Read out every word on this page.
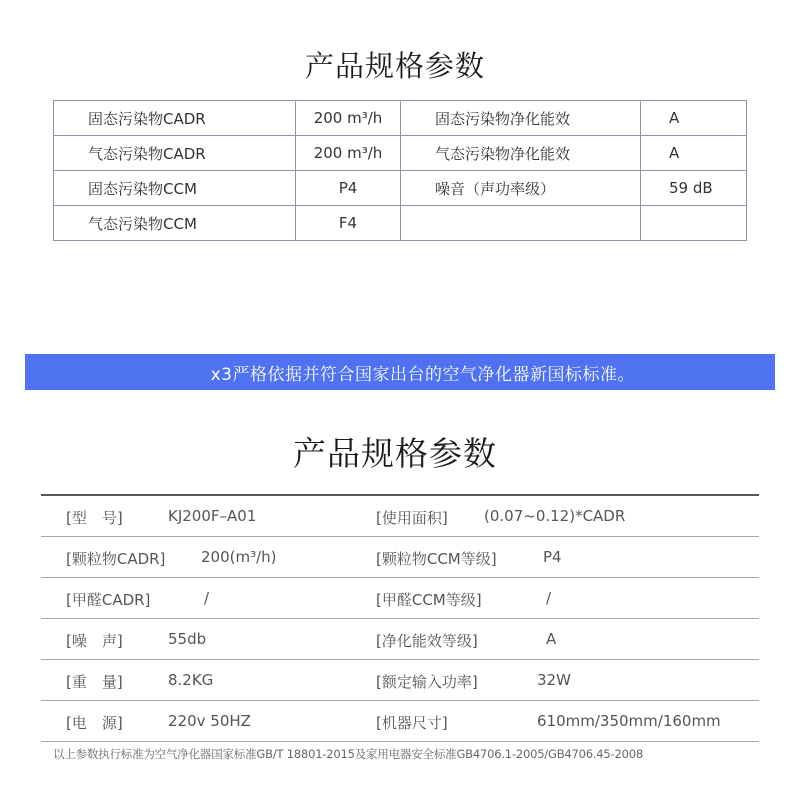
产品规格参数
固态污染物CADR	200 m³/h	固态污染物净化能效	A
气态污染物CADR	200 m³/h	气态污染物净化能效	A
固态污染物CCM	P4	噪音（声功率级）	59 dB
气态污染物CCM	F4		
x3严格依据并符合国家出台的空气净化器新国标标准。
产品规格参数
[型　号]	KJ200F–A01	[使用面积] (0.07~0.12)*CADR
[颗粒物CADR] 200(m³/h)	[颗粒物CCM等级]	P4
[甲醛CADR]	/	[甲醛CCM等级]	/
[噪　声]	55db	[净化能效等级]	A
[重　量]	8.2KG	[额定输入功率]	32W
[电　源]	220v 50HZ	[机器尺寸]	610mm/350mm/160mm
以上参数执行标准为空气净化器国家标准GB/T 18801-2015及家用电器安全标准GB4706.1-2005/GB4706.45-2008
